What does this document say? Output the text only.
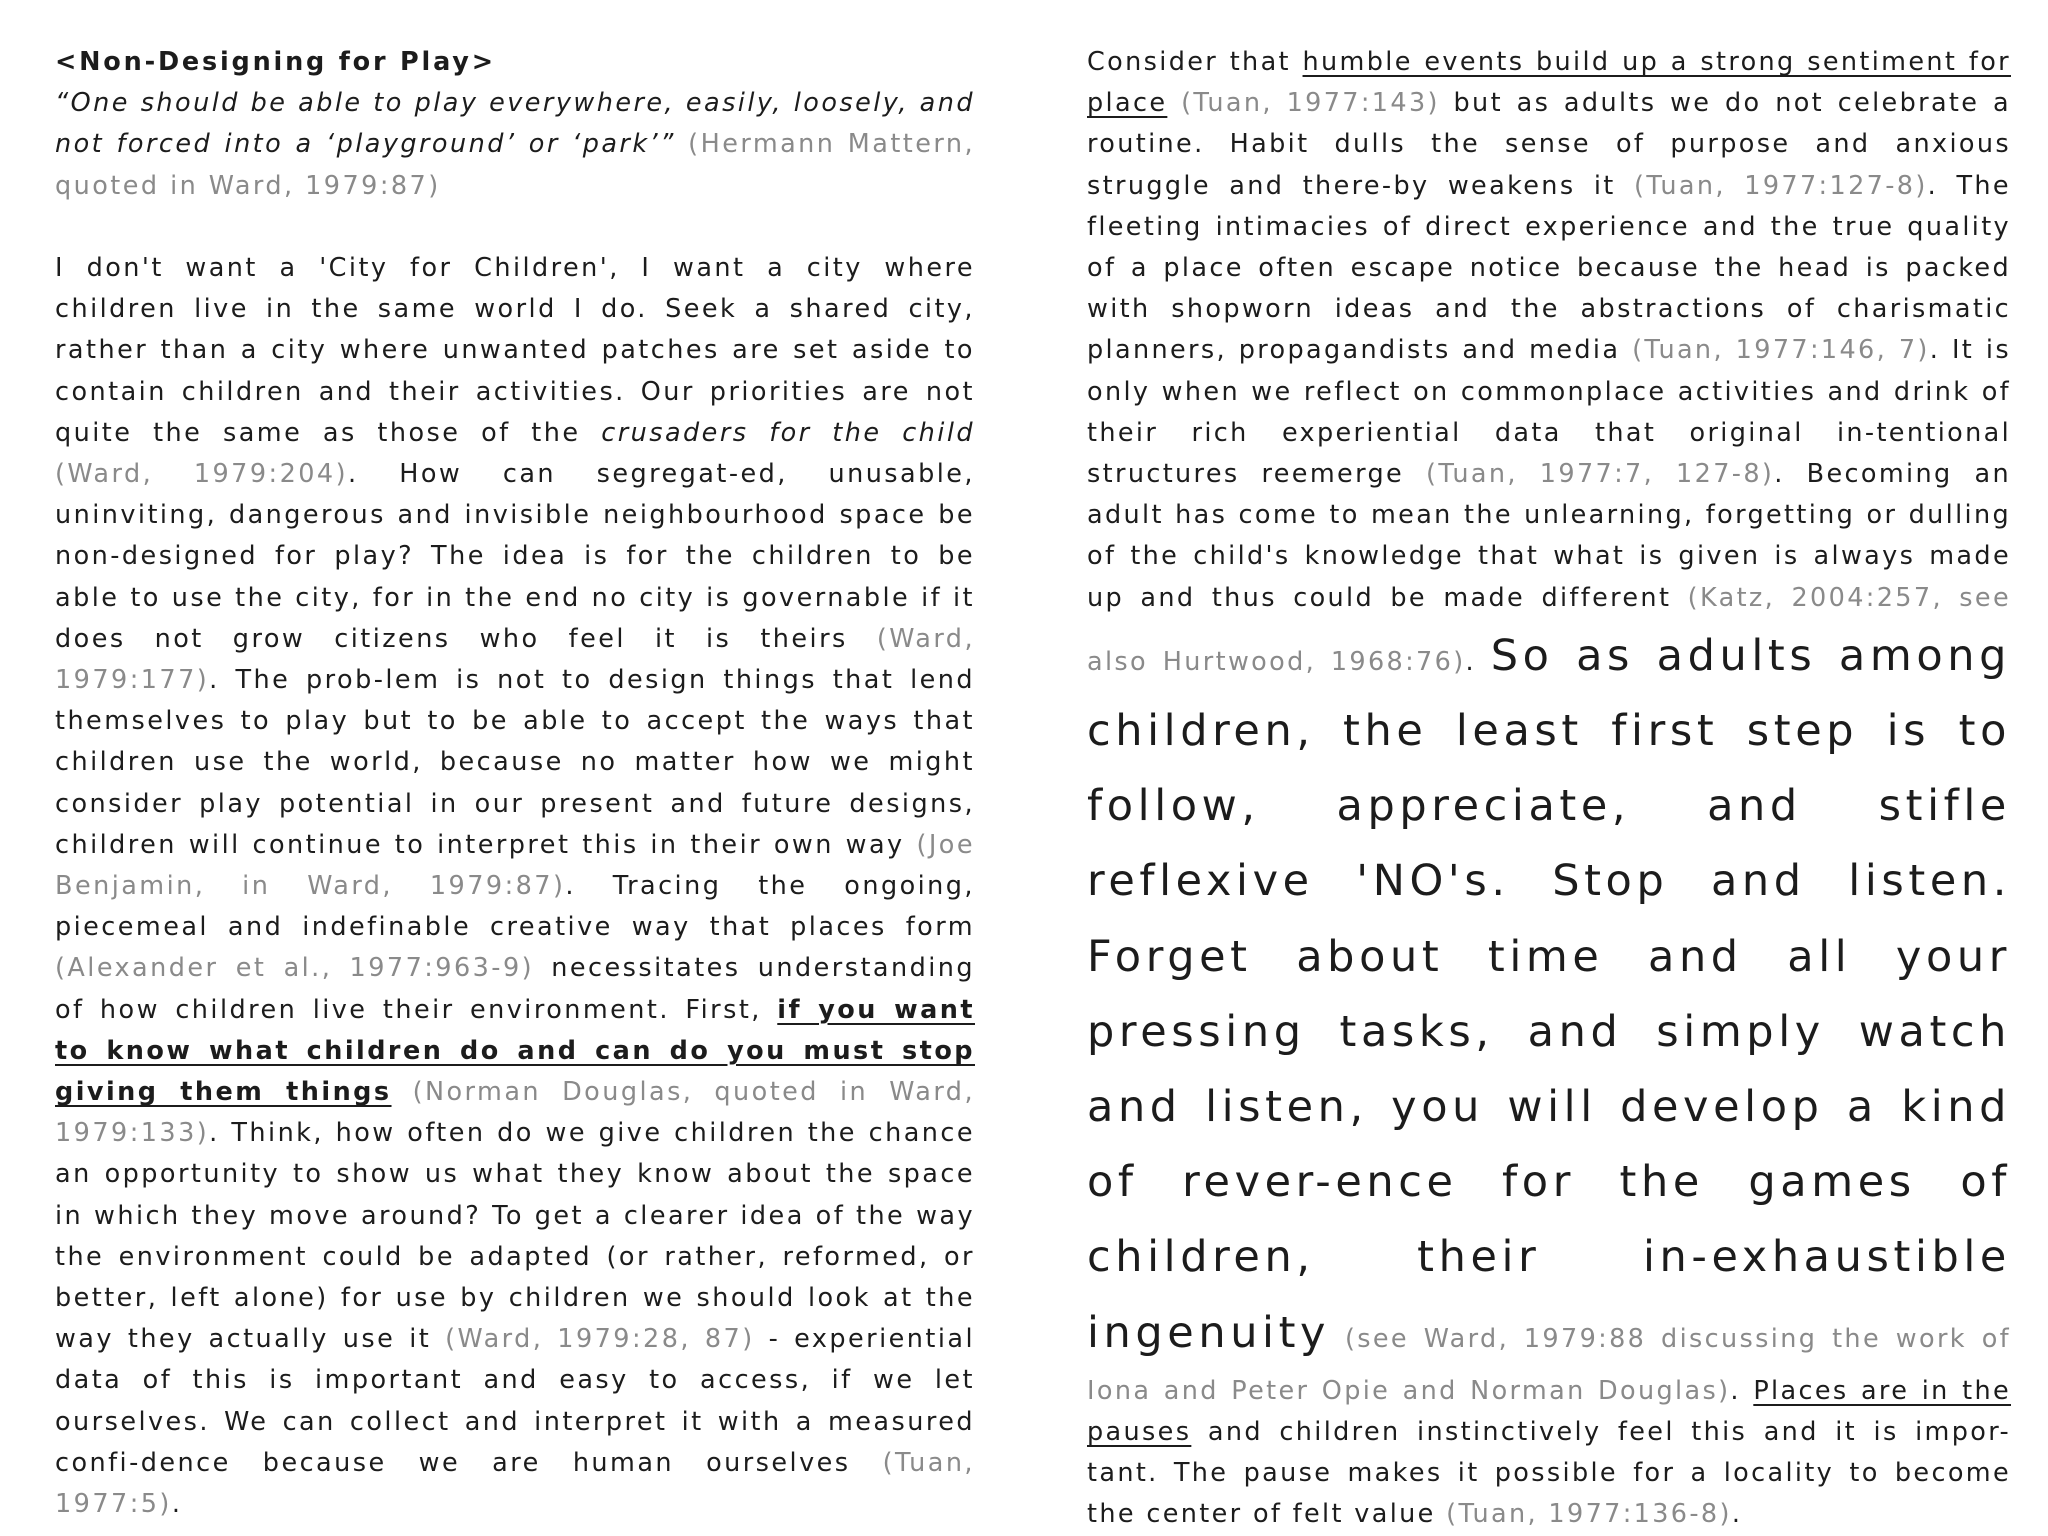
<Non-Designing for Play>

“One should be able to play everywhere, easily, loosely, and not forced into a ‘playground’ or ‘park’” (Hermann Mattern, quoted in Ward, 1979:87)

I don't want a 'City for Children', I want a city where children live in the same world I do. Seek a shared city, rather than a city where unwanted patches are set aside to contain children and their activities. Our priorities are not quite the same as those of the crusaders for the child (Ward, 1979:204). How can segregat-ed, unusable, uninviting, dangerous and invisible neighbourhood space be non-designed for play? The idea is for the children to be able to use the city, for in the end no city is governable if it does not grow citizens who feel it is theirs (Ward, 1979:177). The prob-lem is not to design things that lend themselves to play but to be able to accept the ways that children use the world, because no matter how we might consider play potential in our present and future designs, children will continue to interpret this in their own way (Joe Benjamin, in Ward, 1979:87). Tracing the ongoing, piecemeal and indefinable creative way that places form (Alexander et al., 1977:963-9) necessitates understanding of how children live their environment. First, if you want to know what children do and can do you must stop giving them things (Norman Douglas, quoted in Ward, 1979:133). Think, how often do we give children the chance an opportunity to show us what they know about the space in which they move around? To get a clearer idea of the way the environment could be adapted (or rather, reformed, or better, left alone) for use by children we should look at the way they actually use it (Ward, 1979:28, 87) - experiential data of this is important and easy to access, if we let ourselves. We can collect and interpret it with a measured confi-dence because we are human ourselves (Tuan, 1977:5).

Consider that humble events build up a strong sentiment for place (Tuan, 1977:143) but as adults we do not celebrate a routine. Habit dulls the sense of purpose and anxious struggle and there-by weakens it (Tuan, 1977:127-8). The fleeting intimacies of direct experience and the true quality of a place often escape notice because the head is packed with shopworn ideas and the abstractions of charismatic planners, propagandists and media (Tuan, 1977:146, 7). It is only when we reflect on commonplace activities and drink of their rich experiential data that original in-tentional structures reemerge (Tuan, 1977:7, 127-8). Becoming an adult has come to mean the unlearning, forgetting or dulling of the child's knowledge that what is given is always made up and thus could be made different (Katz, 2004:257, see also Hurtwood, 1968:76). So as adults among children, the least first step is to follow, appreciate, and stifle reflexive 'NO's. Stop and listen. Forget about time and all your pressing tasks, and simply watch and listen, you will develop a kind of rever-ence for the games of children, their in-exhaustible ingenuity (see Ward, 1979:88 discussing the work of Iona and Peter Opie and Norman Douglas). Places are in the pauses and children instinctively feel this and it is impor-tant. The pause makes it possible for a locality to become the center of felt value (Tuan, 1977:136-8).
